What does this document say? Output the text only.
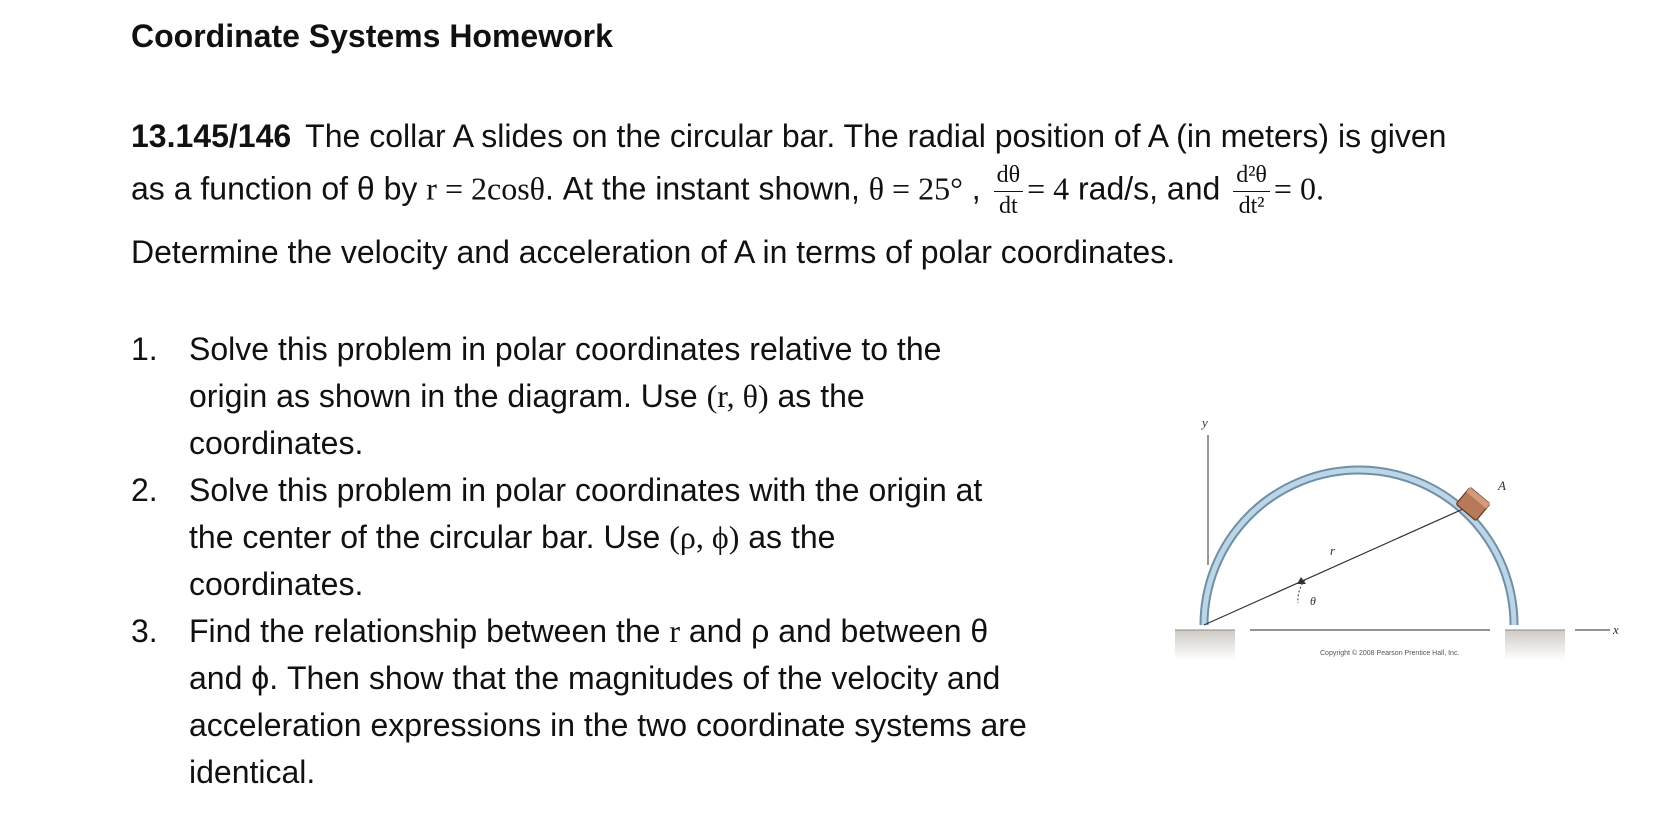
Coordinate Systems Homework
13.145/146 The collar A slides on the circular bar. The radial position of A (in meters) is given
as a function of θ by r = 2cosθ. At the instant shown, θ = 25° , $\frac{d\theta}{dt} = 4$ rad/s, and $\frac{\text{d²θ}}{\text{dt²}} = 0$.
Determine the velocity and acceleration of A in terms of polar coordinates.
1. Solve this problem in polar coordinates relative to the
origin as shown in the diagram. Use (r, θ) as the
coordinates.
2. Solve this problem in polar coordinates with the origin at
the center of the circular bar. Use (ρ, ϕ) as the
coordinates.
3. Find the relationship between the r and ρ and between θ
and ϕ. Then show that the magnitudes of the velocity and
acceleration expressions in the two coordinate systems are
identical.
y
x
r
θ
A
Copyright © 2008 Pearson Prentice Hall, Inc.
